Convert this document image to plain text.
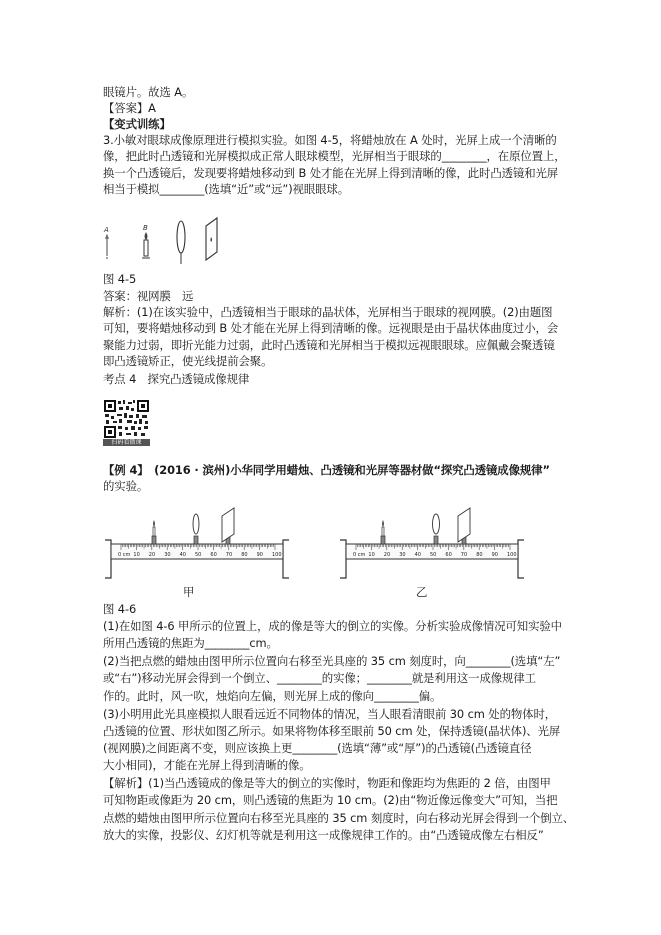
眼镜片。故选 A。
【答案】A
【变式训练】
3.小敏对眼球成像原理进行模拟实验。如图 4-5，将蜡烛放在 A 处时，光屏上成一个清晰的
像，把此时凸透镜和光屏模拟成正常人眼球模型，光屏相当于眼球的________，在原位置上，
换一个凸透镜后，发现要将蜡烛移动到 B 处才能在光屏上得到清晰的像，此时凸透镜和光屏
相当于模拟________(选填“近”或“远”)视眼眼球。
A	B
图 4-5
答案：视网膜　远
解析：(1)在该实验中，凸透镜相当于眼球的晶状体，光屏相当于眼球的视网膜。(2)由题图
可知，要将蜡烛移动到 B 处才能在光屏上得到清晰的像。远视眼是由于晶状体曲度过小，会
聚能力过弱，即折光能力过弱，此时凸透镜和光屏相当于模拟远视眼眼球。应佩戴会聚透镜
即凸透镜矫正，使光线提前会聚。
考点 4　探究凸透镜成像规律
扫码看微课
【例 4】　(2016 · 滨州)小华同学用蜡烛、凸透镜和光屏等器材做“探究凸透镜成像规律”
的实验。
0 cm 10 20 30 40 50 60 70 80 90 100	0 cm 10 20 30 40 50 60 70 80 90 100
甲	乙
图 4-6
(1)在如图 4-6 甲所示的位置上，成的像是等大的倒立的实像。分析实验成像情况可知实验中
所用凸透镜的焦距为________cm。
(2)当把点燃的蜡烛由图甲所示位置向右移至光具座的 35 cm 刻度时，向________(选填“左”
或“右”)移动光屏会得到一个倒立、________的实像；________就是利用这一成像规律工
作的。此时，风一吹，烛焰向左偏，则光屏上成的像向________偏。
(3)小明用此光具座模拟人眼看远近不同物体的情况，当人眼看清眼前 30 cm 处的物体时，
凸透镜的位置、形状如图乙所示。如果将物体移至眼前 50 cm 处，保持透镜(晶状体)、光屏
(视网膜)之间距离不变，则应该换上更________(选填“薄”或“厚”)的凸透镜(凸透镜直径
大小相同)，才能在光屏上得到清晰的像。
【解析】(1)当凸透镜成的像是等大的倒立的实像时，物距和像距均为焦距的 2 倍，由图甲
可知物距或像距为 20 cm，则凸透镜的焦距为 10 cm。(2)由“物近像远像变大”可知，当把
点燃的蜡烛由图甲所示位置向右移至光具座的 35 cm 刻度时，向右移动光屏会得到一个倒立、
放大的实像，投影仪、幻灯机等就是利用这一成像规律工作的。由“凸透镜成像左右相反”
